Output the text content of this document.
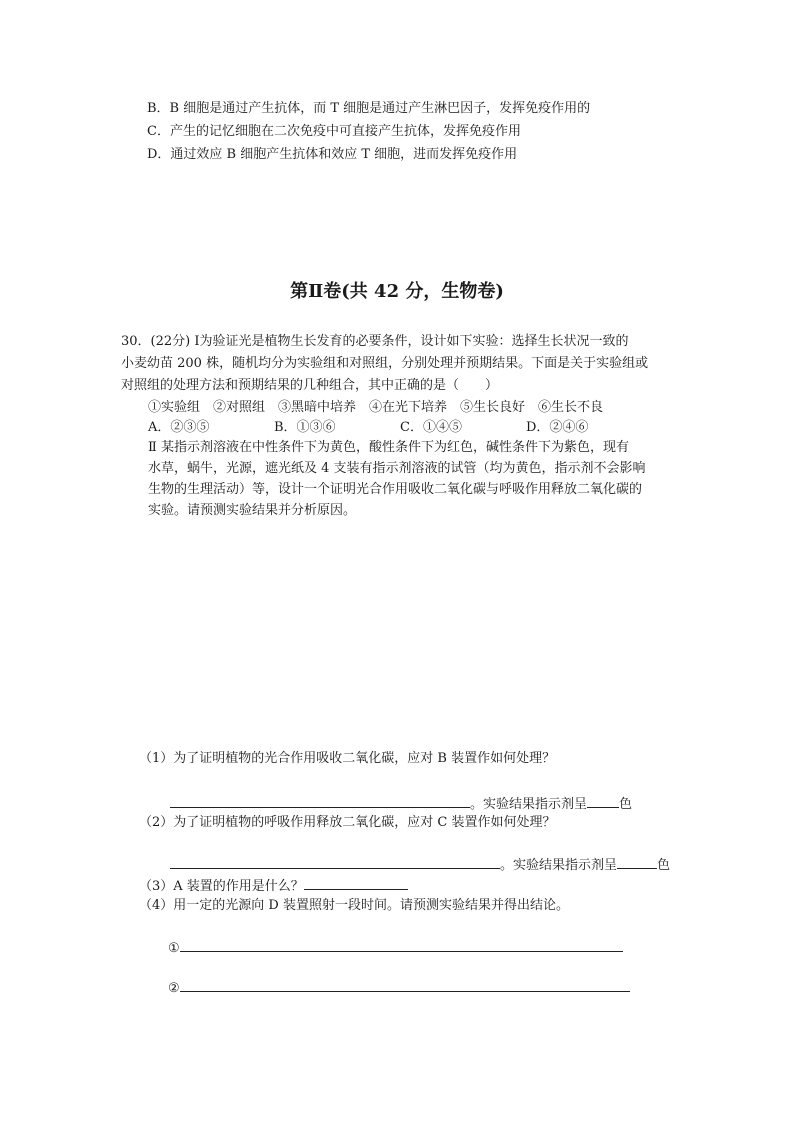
B．B 细胞是通过产生抗体，而 T 细胞是通过产生淋巴因子，发挥免疫作用的
C．产生的记忆细胞在二次免疫中可直接产生抗体，发挥免疫作用
D．通过效应 B 细胞产生抗体和效应 T 细胞，进而发挥免疫作用
第Ⅱ卷(共 42 分，生物卷)
30．(22分) Ⅰ为验证光是植物生长发育的必要条件，设计如下实验：选择生长状况一致的
小麦幼苗 200 株，随机均分为实验组和对照组，分别处理并预期结果。下面是关于实验组或
对照组的处理方法和预期结果的几种组合，其中正确的是（　　）
①实验组　②对照组　③黑暗中培养　④在光下培养　⑤生长良好　⑥生长不良
A．②③⑤	B．①③⑥	C．①④⑤	D．②④⑥
Ⅱ 某指示剂溶液在中性条件下为黄色，酸性条件下为红色，碱性条件下为紫色，现有
水草，蜗牛，光源，遮光纸及 4 支装有指示剂溶液的试管（均为黄色，指示剂不会影响
生物的生理活动）等，设计一个证明光合作用吸收二氧化碳与呼吸作用释放二氧化碳的
实验。请预测实验结果并分析原因。
（1）为了证明植物的光合作用吸收二氧化碳，应对 B 装置作如何处理？
。实验结果指示剂呈 色
（2）为了证明植物的呼吸作用释放二氧化碳，应对 C 装置作如何处理？
。实验结果指示剂呈	色
（3）A 装置的作用是什么？
（4）用一定的光源向 D 装置照射一段时间。请预测实验结果并得出结论。
①
②
